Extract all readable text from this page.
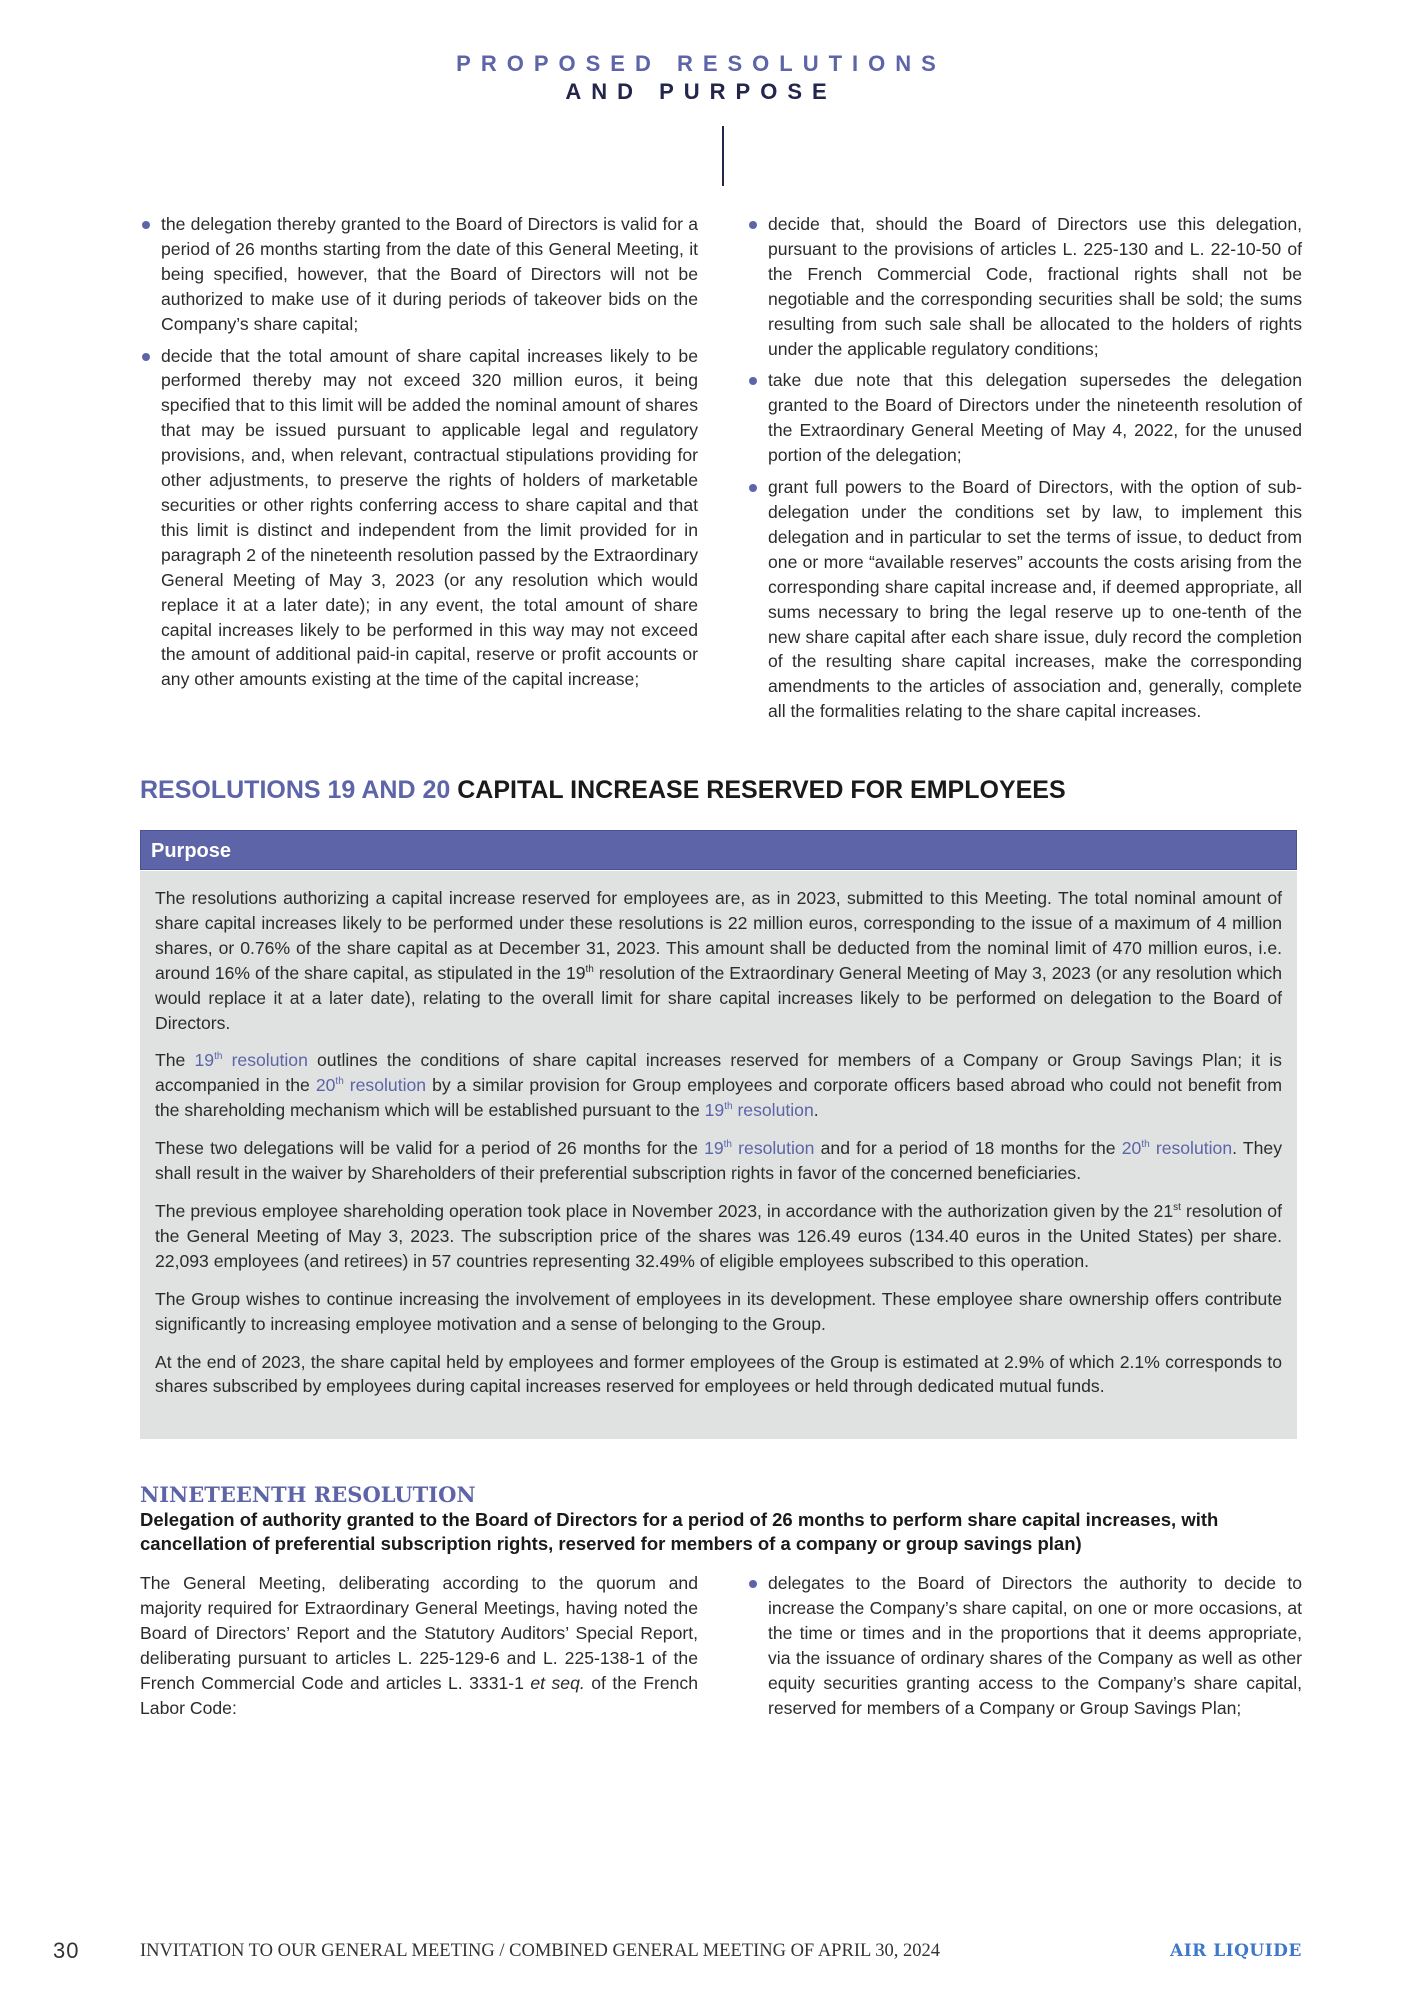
PROPOSED RESOLUTIONS
AND PURPOSE
the delegation thereby granted to the Board of Directors is valid for a period of 26 months starting from the date of this General Meeting, it being specified, however, that the Board of Directors will not be authorized to make use of it during periods of takeover bids on the Company’s share capital;
decide that the total amount of share capital increases likely to be performed thereby may not exceed 320 million euros, it being specified that to this limit will be added the nominal amount of shares that may be issued pursuant to applicable legal and regulatory provisions, and, when relevant, contractual stipulations providing for other adjustments, to preserve the rights of holders of marketable securities or other rights conferring access to share capital and that this limit is distinct and independent from the limit provided for in paragraph 2 of the nineteenth resolution passed by the Extraordinary General Meeting of May 3, 2023 (or any resolution which would replace it at a later date); in any event, the total amount of share capital increases likely to be performed in this way may not exceed the amount of additional paid-in capital, reserve or profit accounts or any other amounts existing at the time of the capital increase;
decide that, should the Board of Directors use this delegation, pursuant to the provisions of articles L. 225-130 and L. 22-10-50 of the French Commercial Code, fractional rights shall not be negotiable and the corresponding securities shall be sold; the sums resulting from such sale shall be allocated to the holders of rights under the applicable regulatory conditions;
take due note that this delegation supersedes the delegation granted to the Board of Directors under the nineteenth resolution of the Extraordinary General Meeting of May 4, 2022, for the unused portion of the delegation;
grant full powers to the Board of Directors, with the option of sub-delegation under the conditions set by law, to implement this delegation and in particular to set the terms of issue, to deduct from one or more “available reserves” accounts the costs arising from the corresponding share capital increase and, if deemed appropriate, all sums necessary to bring the legal reserve up to one-tenth of the new share capital after each share issue, duly record the completion of the resulting share capital increases, make the corresponding amendments to the articles of association and, generally, complete all the formalities relating to the share capital increases.
RESOLUTIONS 19 AND 20 CAPITAL INCREASE RESERVED FOR EMPLOYEES
Purpose

The resolutions authorizing a capital increase reserved for employees are, as in 2023, submitted to this Meeting. The total nominal amount of share capital increases likely to be performed under these resolutions is 22 million euros, corresponding to the issue of a maximum of 4 million shares, or 0.76% of the share capital as at December 31, 2023. This amount shall be deducted from the nominal limit of 470 million euros, i.e. around 16% of the share capital, as stipulated in the 19th resolution of the Extraordinary General Meeting of May 3, 2023 (or any resolution which would replace it at a later date), relating to the overall limit for share capital increases likely to be performed on delegation to the Board of Directors.

The 19th resolution outlines the conditions of share capital increases reserved for members of a Company or Group Savings Plan; it is accompanied in the 20th resolution by a similar provision for Group employees and corporate officers based abroad who could not benefit from the shareholding mechanism which will be established pursuant to the 19th resolution.

These two delegations will be valid for a period of 26 months for the 19th resolution and for a period of 18 months for the 20th resolution. They shall result in the waiver by Shareholders of their preferential subscription rights in favor of the concerned beneficiaries.

The previous employee shareholding operation took place in November 2023, in accordance with the authorization given by the 21st resolution of the General Meeting of May 3, 2023. The subscription price of the shares was 126.49 euros (134.40 euros in the United States) per share. 22,093 employees (and retirees) in 57 countries representing 32.49% of eligible employees subscribed to this operation.

The Group wishes to continue increasing the involvement of employees in its development. These employee share ownership offers contribute significantly to increasing employee motivation and a sense of belonging to the Group.

At the end of 2023, the share capital held by employees and former employees of the Group is estimated at 2.9% of which 2.1% corresponds to shares subscribed by employees during capital increases reserved for employees or held through dedicated mutual funds.

NINETEENTH RESOLUTION
Delegation of authority granted to the Board of Directors for a period of 26 months to perform share capital increases, with cancellation of preferential subscription rights, reserved for members of a company or group savings plan)
The General Meeting, deliberating according to the quorum and majority required for Extraordinary General Meetings, having noted the Board of Directors’ Report and the Statutory Auditors’ Special Report, deliberating pursuant to articles L. 225-129-6 and L. 225-138-1 of the French Commercial Code and articles L. 3331-1 et seq. of the French Labor Code:
delegates to the Board of Directors the authority to decide to increase the Company’s share capital, on one or more occasions, at the time or times and in the proportions that it deems appropriate, via the issuance of ordinary shares of the Company as well as other equity securities granting access to the Company’s share capital, reserved for members of a Company or Group Savings Plan;
30	INVITATION TO OUR GENERAL MEETING / COMBINED GENERAL MEETING OF APRIL 30, 2024	AIR LIQUIDE
